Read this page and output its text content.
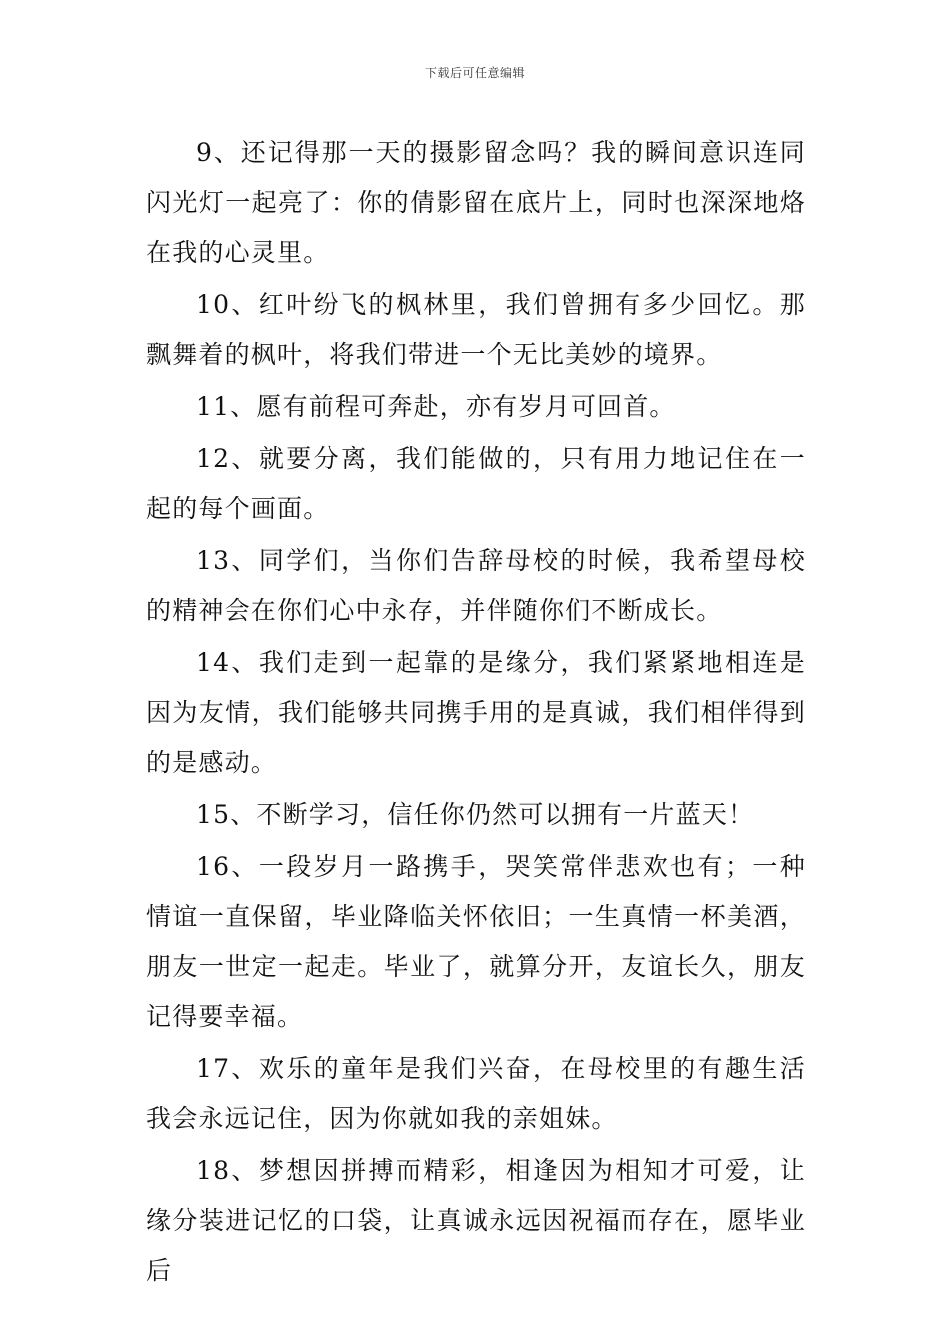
下载后可任意编辑

9、还记得那一天的摄影留念吗？我的瞬间意识连同闪光灯一起亮了：你的倩影留在底片上，同时也深深地烙在我的心灵里。

10、红叶纷飞的枫林里，我们曾拥有多少回忆。那飘舞着的枫叶，将我们带进一个无比美妙的境界。

11、愿有前程可奔赴，亦有岁月可回首。

12、就要分离，我们能做的，只有用力地记住在一起的每个画面。

13、同学们，当你们告辞母校的时候，我希望母校的精神会在你们心中永存，并伴随你们不断成长。

14、我们走到一起靠的是缘分，我们紧紧地相连是因为友情，我们能够共同携手用的是真诚，我们相伴得到的是感动。

15、不断学习，信任你仍然可以拥有一片蓝天！

16、一段岁月一路携手，哭笑常伴悲欢也有；一种情谊一直保留，毕业降临关怀依旧；一生真情一杯美酒，朋友一世定一起走。毕业了，就算分开，友谊长久，朋友记得要幸福。

17、欢乐的童年是我们兴奋，在母校里的有趣生活我会永远记住，因为你就如我的亲姐妹。

18、梦想因拼搏而精彩，相逢因为相知才可爱，让缘分装进记忆的口袋，让真诚永远因祝福而存在，愿毕业后
